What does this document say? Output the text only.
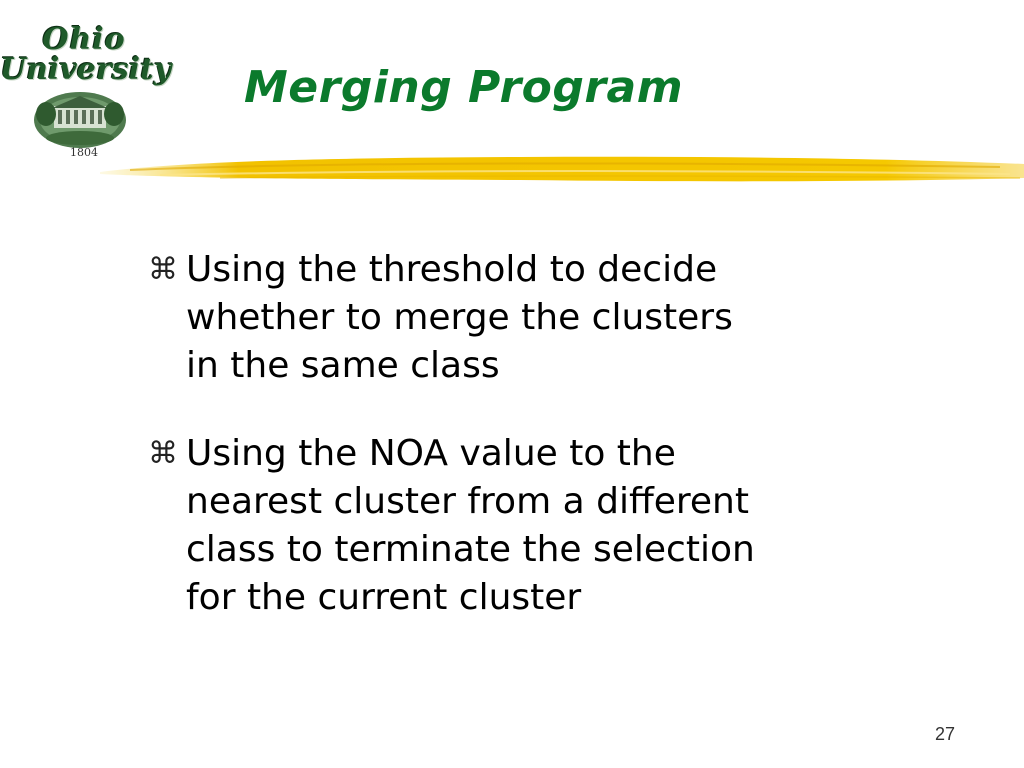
Ohio
University
1804
Merging Program
⌘ Using the threshold to decide
whether to merge the clusters
in the same class
⌘ Using the NOA value to the
nearest cluster from a different
class to terminate the selection
for the current cluster
27
